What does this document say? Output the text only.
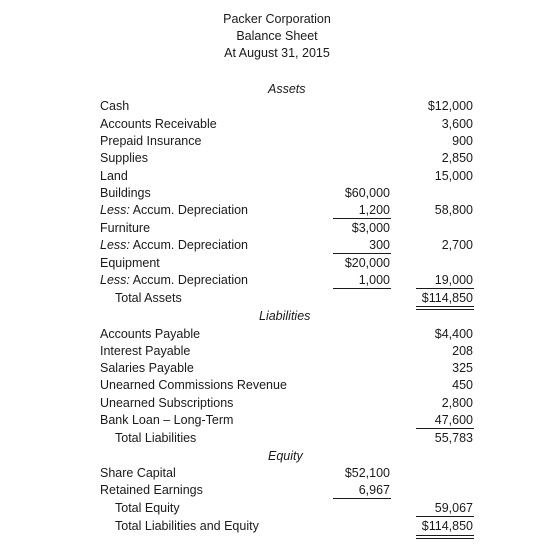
Packer Corporation
Balance Sheet
At August 31, 2015
Assets
Cash	$12,000
Accounts Receivable	3,600
Prepaid Insurance	900
Supplies	2,850
Land	15,000
Buildings	$60,000
Less: Accum. Depreciation	1,200	58,800
Furniture	$3,000
Less: Accum. Depreciation	300	2,700
Equipment	$20,000
Less: Accum. Depreciation	1,000	19,000
Total Assets	$114,850
Liabilities
Accounts Payable	$4,400
Interest Payable	208
Salaries Payable	325
Unearned Commissions Revenue	450
Unearned Subscriptions	2,800
Bank Loan – Long-Term	47,600
Total Liabilities	55,783
Equity
Share Capital	$52,100
Retained Earnings	6,967
Total Equity	59,067
Total Liabilities and Equity	$114,850
